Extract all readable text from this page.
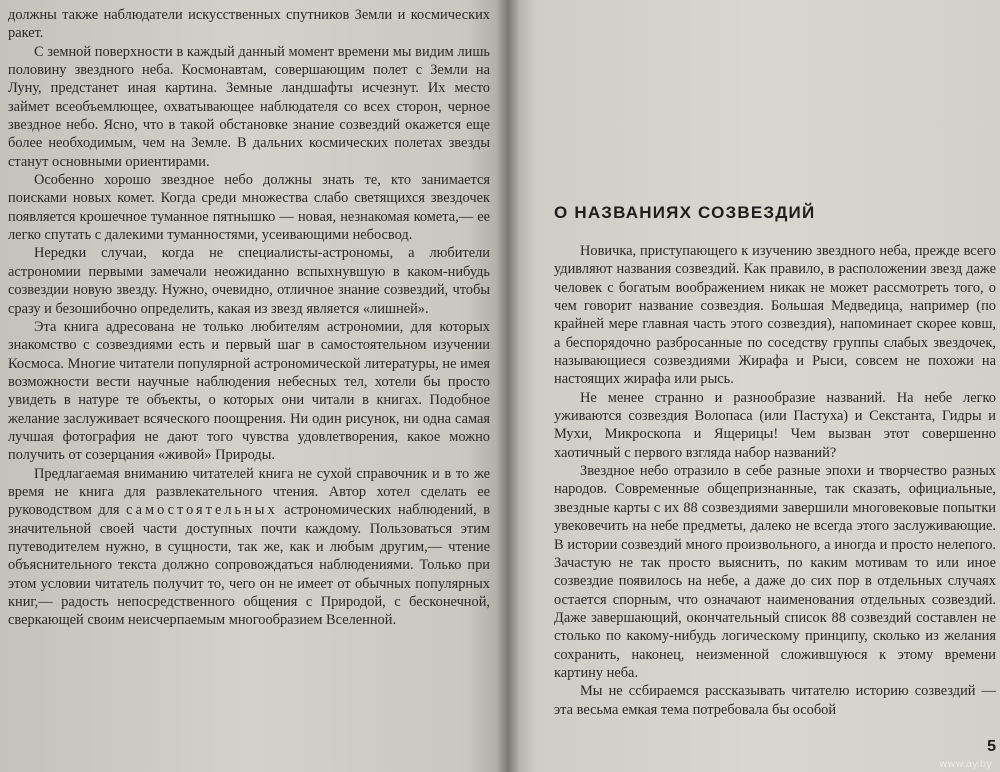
должны также наблюдатели искусственных спутников Земли и космических ракет.

С земной поверхности в каждый данный момент времени мы видим лишь половину звездного неба. Космонавтам, совершающим полет с Земли на Луну, предстанет иная картина. Земные ландшафты исчезнут. Их место займет всеобъемлющее, охватывающее наблюдателя со всех сторон, черное звездное небо. Ясно, что в такой обстановке знание созвездий окажется еще более необходимым, чем на Земле. В дальних космических полетах звезды станут основными ориентирами.

Особенно хорошо звездное небо должны знать те, кто занимается поисками новых комет. Когда среди множества слабо светящихся звездочек появляется крошечное туманное пятнышко — новая, незнакомая комета,— ее легко спутать с далекими туманностями, усеивающими небосвод.

Нередки случаи, когда не специалисты-астрономы, а любители астрономии первыми замечали неожиданно вспыхнувшую в каком-нибудь созвездии новую звезду. Нужно, очевидно, отличное знание созвездий, чтобы сразу и безошибочно определить, какая из звезд является «лишней».

Эта книга адресована не только любителям астрономии, для которых знакомство с созвездиями есть и первый шаг в самостоятельном изучении Космоса. Многие читатели популярной астрономической литературы, не имея возможности вести научные наблюдения небесных тел, хотели бы просто увидеть в натуре те объекты, о которых они читали в книгах. Подобное желание заслуживает всяческого поощрения. Ни один рисунок, ни одна самая лучшая фотография не дают того чувства удовлетворения, какое можно получить от созерцания «живой» Природы.

Предлагаемая вниманию читателей книга не сухой справочник и в то же время не книга для развлекательного чтения. Автор хотел сделать ее руководством для самостоятельных астрономических наблюдений, в значительной своей части доступных почти каждому. Пользоваться этим путеводителем нужно, в сущности, так же, как и любым другим,— чтение объяснительного текста должно сопровождаться наблюдениями. Только при этом условии читатель получит то, чего он не имеет от обычных популярных книг,— радость непосредственного общения с Природой, с бесконечной, сверкающей своим неисчерпаемым многообразием Вселенной.

О НАЗВАНИЯХ СОЗВЕЗДИЙ

Новичка, приступающего к изучению звездного неба, прежде всего удивляют названия созвездий. Как правило, в расположении звезд даже человек с богатым воображением никак не может рассмотреть того, о чем говорит название созвездия. Большая Медведица, например (по крайней мере главная часть этого созвездия), напоминает скорее ковш, а беспорядочно разбросанные по соседству группы слабых звездочек, называющиеся созвездиями Жирафа и Рыси, совсем не похожи на настоящих жирафа или рысь.

Не менее странно и разнообразие названий. На небе легко уживаются созвездия Волопаса (или Пастуха) и Секстанта, Гидры и Мухи, Микроскопа и Ящерицы! Чем вызван этот совершенно хаотичный с первого взгляда набор названий?

Звездное небо отразило в себе разные эпохи и творчество разных народов. Современные общепризнанные, так сказать, официальные, звездные карты с их 88 созвездиями завершили многовековые попытки увековечить на небе предметы, далеко не всегда этого заслуживающие. В истории созвездий много произвольного, а иногда и просто нелепого. Зачастую не так просто выяснить, по каким мотивам то или иное созвездие появилось на небе, а даже до сих пор в отдельных случаях остается спорным, что означают наименования отдельных созвездий. Даже завершающий, окончательный список 88 созвездий составлен не столько по какому-нибудь логическому принципу, сколько из желания сохранить, наконец, неизменной сложившуюся к этому времени картину неба.

Мы не ссбираемся рассказывать читателю историю созвездий — эта весьма емкая тема потребовала бы особой

5
www.ay.by
